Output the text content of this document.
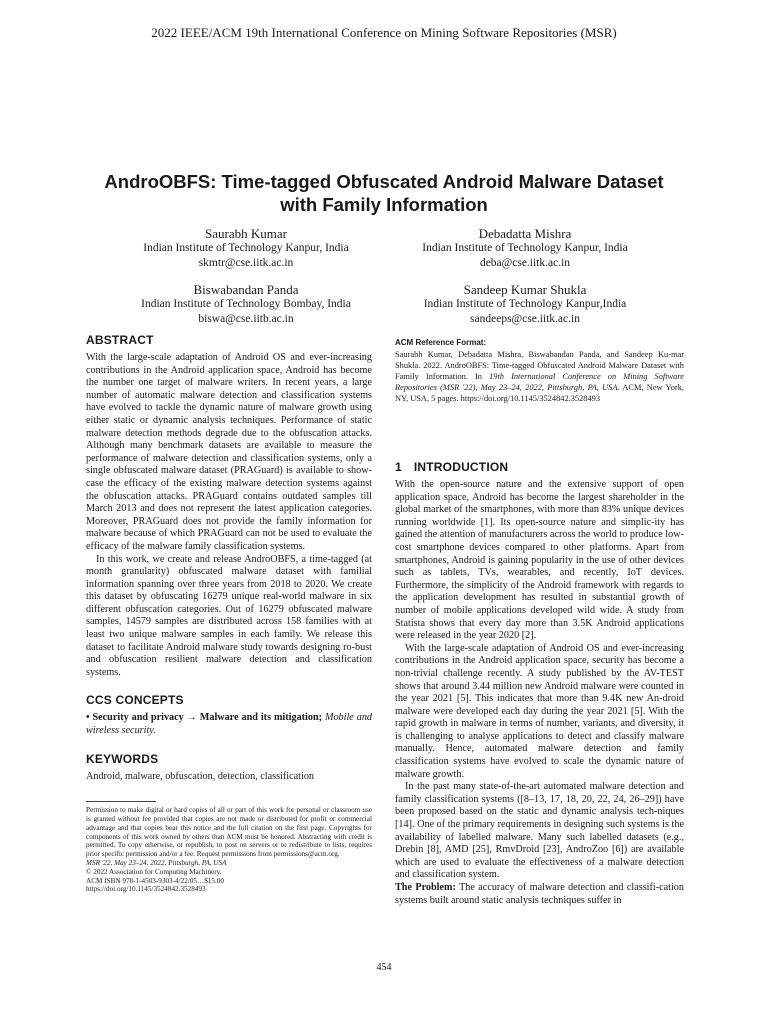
2022 IEEE/ACM 19th International Conference on Mining Software Repositories (MSR)
AndroOBFS: Time-tagged Obfuscated Android Malware Dataset
with Family Information
Saurabh Kumar
Indian Institute of Technology Kanpur, India
skmtr@cse.iitk.ac.in
Debadatta Mishra
Indian Institute of Technology Kanpur, India
deba@cse.iitk.ac.in
Biswabandan Panda
Indian Institute of Technology Bombay, India
biswa@cse.iitb.ac.in
Sandeep Kumar Shukla
Indian Institute of Technology Kanpur,India
sandeeps@cse.iitk.ac.in
ABSTRACT

With the large-scale adaptation of Android OS and ever-increasing contributions in the Android application space, Android has become the number one target of malware writers. In recent years, a large number of automatic malware detection and classification systems have evolved to tackle the dynamic nature of malware growth using either static or dynamic analysis techniques. Performance of static malware detection methods degrade due to the obfuscation attacks. Although many benchmark datasets are available to measure the performance of malware detection and classification systems, only a single obfuscated malware dataset (PRAGuard) is available to show-case the efficacy of the existing malware detection systems against the obfuscation attacks. PRAGuard contains outdated samples till March 2013 and does not represent the latest application categories. Moreover, PRAGuard does not provide the family information for malware because of which PRAGuard can not be used to evaluate the efficacy of the malware family classification systems.

In this work, we create and release AndroOBFS, a time-tagged (at month granularity) obfuscated malware dataset with familial information spanning over three years from 2018 to 2020. We create this dataset by obfuscating 16279 unique real-world malware in six different obfuscation categories. Out of 16279 obfuscated malware samples, 14579 samples are distributed across 158 families with at least two unique malware samples in each family. We release this dataset to facilitate Android malware study towards designing ro-bust and obfuscation resilient malware detection and classification systems.

CCS CONCEPTS

• Security and privacy → Malware and its mitigation; Mobile and wireless security.

KEYWORDS

Android, malware, obfuscation, detection, classification

Permission to make digital or hard copies of all or part of this work for personal or classroom use is granted without fee provided that copies are not made or distributed for profit or commercial advantage and that copies bear this notice and the full citation on the first page. Copyrights for components of this work owned by others than ACM must be honored. Abstracting with credit is permitted. To copy otherwise, or republish, to post on servers or to redistribute to lists, requires prior specific permission and/or a fee. Request permissions from permissions@acm.org.

MSR '22, May 23–24, 2022, Pittsburgh, PA, USA

© 2022 Association for Computing Machinery.

ACM ISBN 978-1-4503-9303-4/22/05…$15.00

https://doi.org/10.1145/3524842.3528493

ACM Reference Format:

Saurabh Kumar, Debadatta Mishra, Biswabandan Panda, and Sandeep Ku-mar Shukla. 2022. AndroOBFS: Time-tagged Obfuscated Android Malware Dataset with Family Information. In 19th International Conference on Mining Software Repositories (MSR '22), May 23–24, 2022, Pittsburgh, PA, USA. ACM, New York, NY, USA, 5 pages. https://doi.org/10.1145/3524842.3528493

1 INTRODUCTION

With the open-source nature and the extensive support of open application space, Android has become the largest shareholder in the global market of the smartphones, with more than 83% unique devices running worldwide [1]. Its open-source nature and simplic-ity has gained the attention of manufacturers across the world to produce low-cost smartphone devices compared to other platforms. Apart from smartphones, Android is gaining popularity in the use of other devices such as tablets, TVs, wearables, and recently, IoT devices. Furthermore, the simplicity of the Android framework with regards to the application development has resulted in substantial growth of number of mobile applications developed wild wide. A study from Statista shows that every day more than 3.5K Android applications were released in the year 2020 [2].

With the large-scale adaptation of Android OS and ever-increasing contributions in the Android application space, security has become a non-trivial challenge recently. A study published by the AV-TEST shows that around 3.44 million new Android malware were counted in the year 2021 [5]. This indicates that more than 9.4K new An-droid malware were developed each day during the year 2021 [5]. With the rapid growth in malware in terms of number, variants, and diversity, it is challenging to analyse applications to detect and classify malware manually. Hence, automated malware detection and family classification systems have evolved to scale the dynamic nature of malware growth.

In the past many state-of-the-art automated malware detection and family classification systems ([8–13, 17, 18, 20, 22, 24, 26–29]) have been proposed based on the static and dynamic analysis tech-niques [14]. One of the primary requirements in designing such systems is the availability of labelled malware. Many such labelled datasets (e.g., Drebin [8], AMD [25], RmvDroid [23], AndroZoo [6]) are available which are used to evaluate the effectiveness of a malware detection and classification system.

The Problem: The accuracy of malware detection and classifi-cation systems built around static analysis techniques suffer in

454
